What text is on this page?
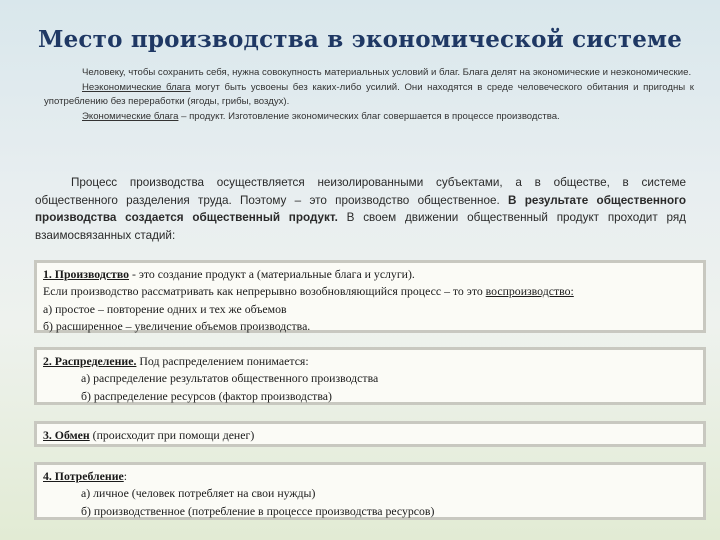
Место производства в экономической системе

Человеку, чтобы сохранить себя, нужна совокупность материальных условий и благ. Блага делят на экономические и неэкономические.

Неэкономические блага могут быть усвоены без каких-либо усилий. Они находятся в среде человеческого обитания и пригодны к употреблению без переработки (ягоды, грибы, воздух).

Экономические блага – продукт. Изготовление экономических благ совершается в процессе производства.

Процесс производства осуществляется неизолированными субъектами, а в обществе, в системе общественного разделения труда. Поэтому – это производство общественное. В результате общественного производства создается общественный продукт. В своем движении общественный продукт проходит ряд взаимосвязанных стадий:

1. Производство - это создание продукт а (материальные блага и услуги).

Если производство рассматривать как непрерывно возобновляющийся процесс – то это воспроизводство:

а) простое – повторение одних и тех же объемов

б) расширенное – увеличение объемов производства.

2. Распределение. Под распределением понимается:

а) распределение результатов общественного производства

б) распределение ресурсов (фактор производства)

3. Обмен (происходит при помощи денег)

4. Потребление:

а) личное (человек потребляет на свои нужды)

б) производственное (потребление в процессе производства ресурсов)
